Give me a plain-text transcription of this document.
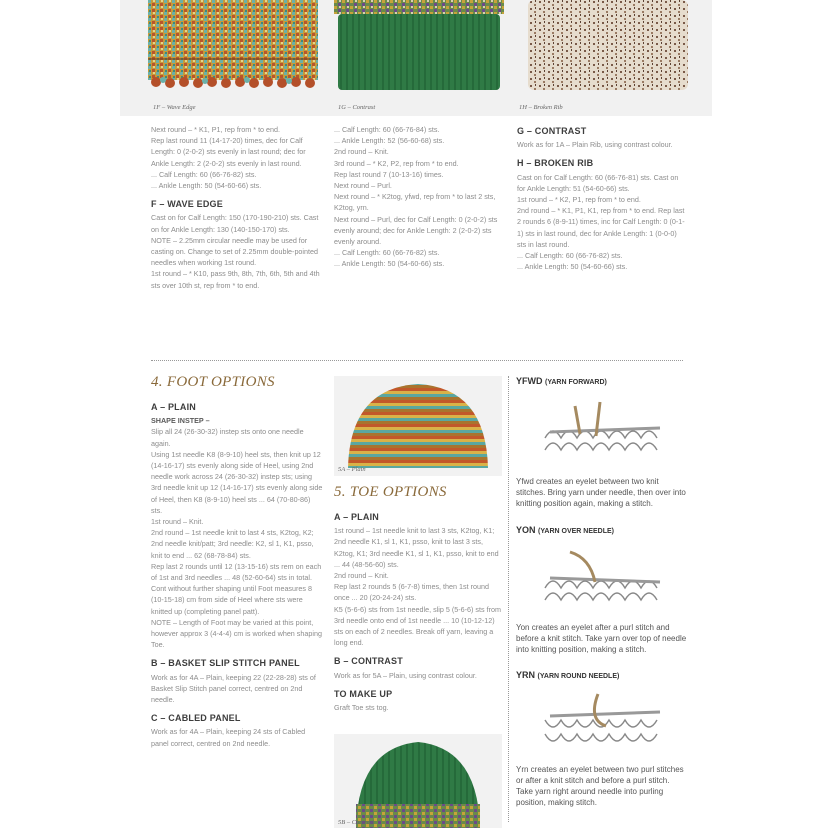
1F – Wave Edge	1G – Contrast	1H – Broken Rib

Next round – * K1, P1, rep from * to end.

Rep last round 11 (14-17-20) times, dec for Calf Length: 0 (2-0-2) sts evenly in last round; dec for Ankle Length: 2 (2-0-2) sts evenly in last round.

... Calf Length: 60 (66-76-82) sts.

... Ankle Length: 50 (54-60-66) sts.

F – WAVE EDGE

Cast on for Calf Length: 150 (170-190-210) sts. Cast on for Ankle Length: 130 (140-150-170) sts.

NOTE – 2.25mm circular needle may be used for casting on. Change to set of 2.25mm double-pointed needles when working 1st round.

1st round – * K10, pass 9th, 8th, 7th, 6th, 5th and 4th sts over 10th st, rep from * to end.

... Calf Length: 60 (66-76-84) sts.

... Ankle Length: 52 (56-60-68) sts.

2nd round – Knit.

3rd round – * K2, P2, rep from * to end.

Rep last round 7 (10-13-16) times.

Next round – Purl.

Next round – * K2tog, yfwd, rep from * to last 2 sts, K2tog, yrn.

Next round – Purl, dec for Calf Length: 0 (2-0-2) sts evenly around; dec for Ankle Length: 2 (2-0-2) sts evenly around.

... Calf Length: 60 (66-76-82) sts.

... Ankle Length: 50 (54-60-66) sts.

G – CONTRAST

Work as for 1A – Plain Rib, using contrast colour.

H – BROKEN RIB

Cast on for Calf Length: 60 (66-76-81) sts. Cast on for Ankle Length: 51 (54-60-66) sts.

1st round – * K2, P1, rep from * to end.

2nd round – * K1, P1, K1, rep from * to end. Rep last 2 rounds 6 (8-9-11) times, inc for Calf Length: 0 (0-1-1) sts in last round, dec for Ankle Length: 1 (0-0-0) sts in last round.

... Calf Length: 60 (66-76-82) sts.

... Ankle Length: 50 (54-60-66) sts.

4. FOOT OPTIONS

A – PLAIN

SHAPE INSTEP –

Slip all 24 (26-30-32) instep sts onto one needle again.

Using 1st needle K8 (8-9-10) heel sts, then knit up 12 (14-16-17) sts evenly along side of Heel, using 2nd needle work across 24 (26-30-32) instep sts; using 3rd needle knit up 12 (14-16-17) sts evenly along side of Heel, then K8 (8-9-10) heel sts ... 64 (70-80-86) sts.

1st round – Knit.

2nd round – 1st needle knit to last 4 sts, K2tog, K2; 2nd needle knit/patt; 3rd needle: K2, sl 1, K1, psso, knit to end ... 62 (68-78-84) sts.

Rep last 2 rounds until 12 (13-15-16) sts rem on each of 1st and 3rd needles ... 48 (52-60-64) sts in total.

Cont without further shaping until Foot measures 8 (10-15-18) cm from side of Heel where sts were knitted up (completing panel patt).

NOTE – Length of Foot may be varied at this point, however approx 3 (4-4-4) cm is worked when shaping Toe.

B – BASKET SLIP STITCH PANEL

Work as for 4A – Plain, keeping 22 (22-28-28) sts of Basket Slip Stitch panel correct, centred on 2nd needle.

C – CABLED PANEL

Work as for 4A – Plain, keeping 24 sts of Cabled panel correct, centred on 2nd needle.

5A – Plain
5. TOE OPTIONS

A – PLAIN

1st round – 1st needle knit to last 3 sts, K2tog, K1; 2nd needle K1, sl 1, K1, psso, knit to last 3 sts, K2tog, K1; 3rd needle K1, sl 1, K1, psso, knit to end ... 44 (48-56-60) sts.

2nd round – Knit.

Rep last 2 rounds 5 (6-7-8) times, then 1st round once ... 20 (20-24-24) sts.

K5 (5-6-6) sts from 1st needle, slip 5 (5-6-6) sts from 3rd needle onto end of 1st needle ... 10 (10-12-12) sts on each of 2 needles. Break off yarn, leaving a long end.

B – CONTRAST

Work as for 5A – Plain, using contrast colour.

TO MAKE UP

Graft Toe sts tog.

5B – Contrast
YFWD (YARN FORWARD)
Yfwd creates an eyelet between two knit stitches. Bring yarn under needle, then over into knitting position again, making a stitch.
YON (YARN OVER NEEDLE)
Yon creates an eyelet after a purl stitch and before a knit stitch. Take yarn over top of needle into knitting position, making a stitch.
YRN (YARN ROUND NEEDLE)
Yrn creates an eyelet between two purl stitches or after a knit stitch and before a purl stitch. Take yarn right around needle into purling position, making stitch.
